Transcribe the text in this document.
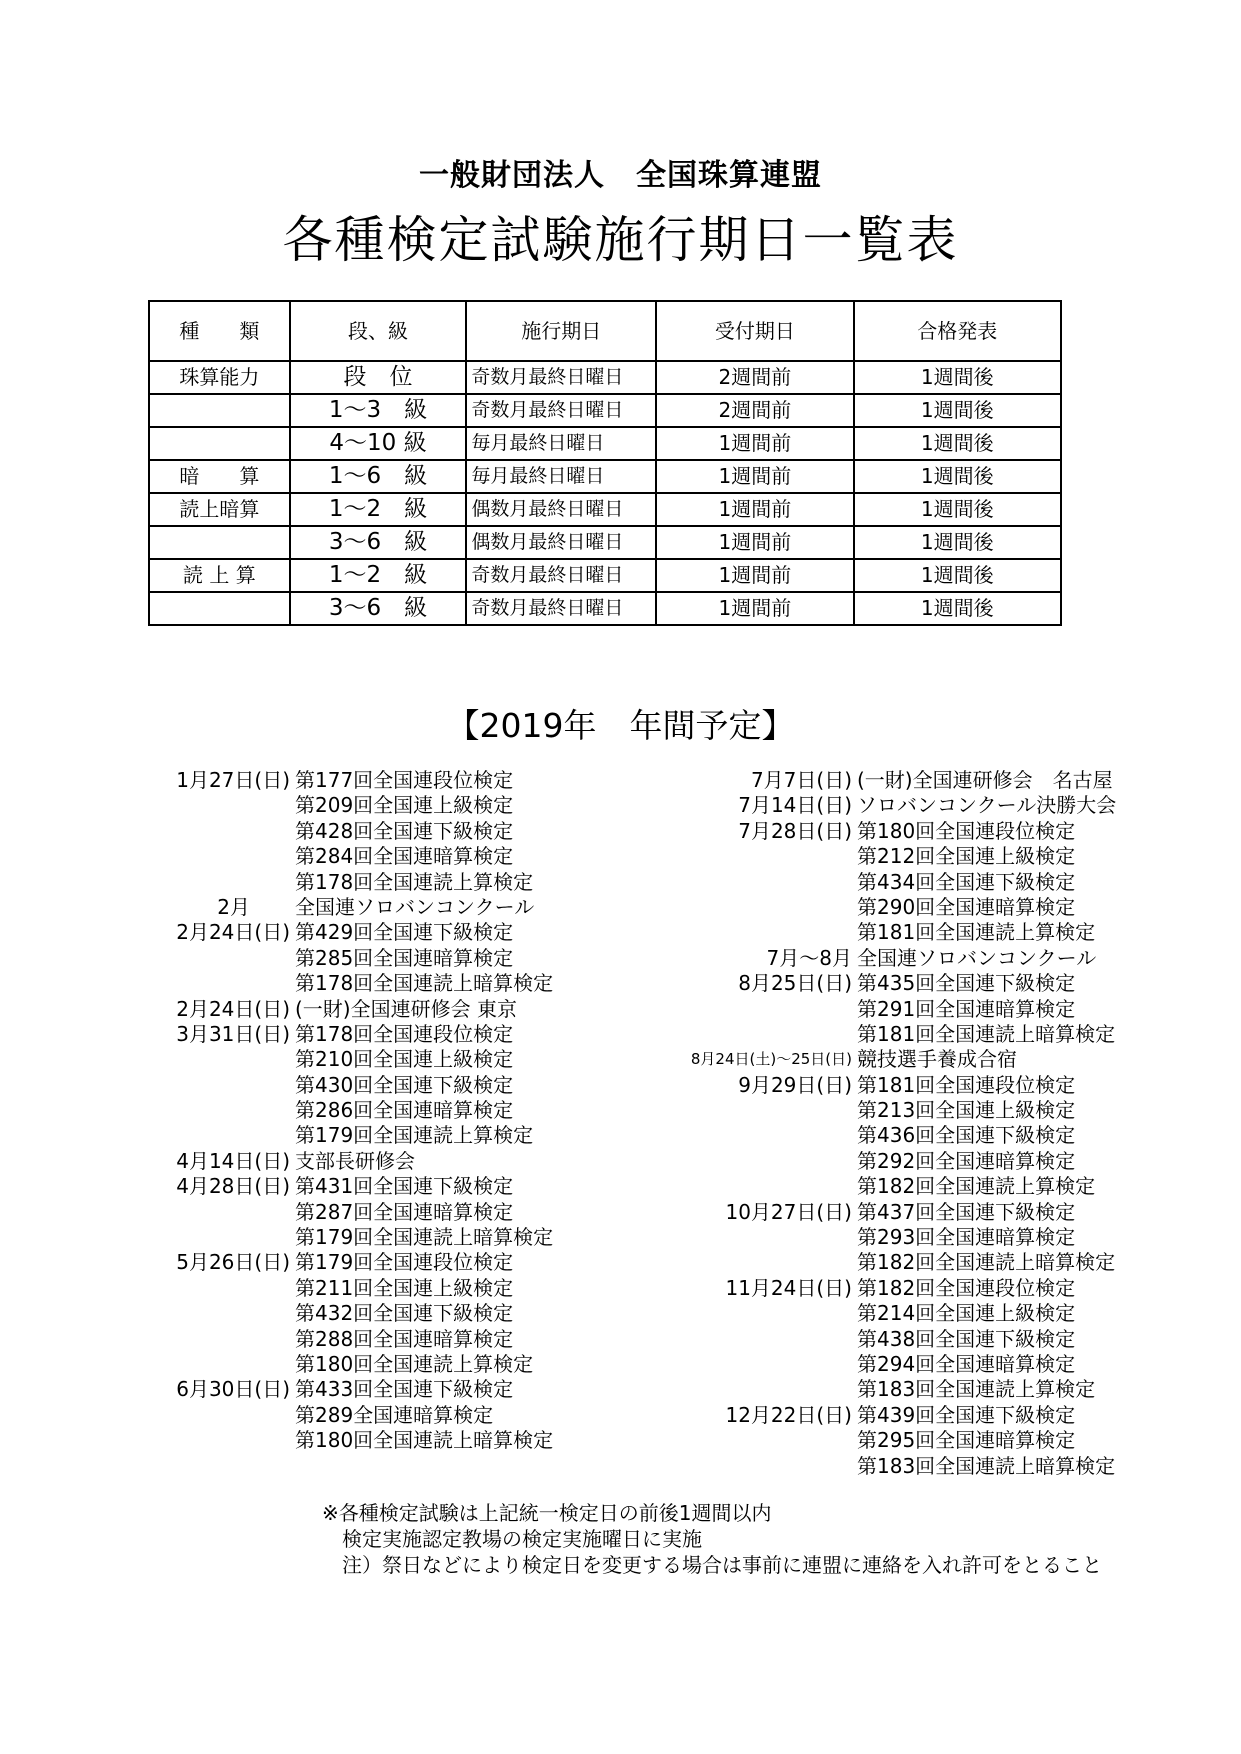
一般財団法人　全国珠算連盟
各種検定試験施行期日一覧表
種　　類	段、級	施行期日	受付期日	合格発表
珠算能力	段　位	奇数月最終日曜日	2週間前	1週間後
	1～3　級	奇数月最終日曜日	2週間前	1週間後
	4～10 級	毎月最終日曜日	1週間前	1週間後
暗　　算	1～6　級	毎月最終日曜日	1週間前	1週間後
読上暗算	1～2　級	偶数月最終日曜日	1週間前	1週間後
	3～6　級	偶数月最終日曜日	1週間前	1週間後
読 上 算	1～2　級	奇数月最終日曜日	1週間前	1週間後
	3～6　級	奇数月最終日曜日	1週間前	1週間後
【2019年　年間予定】
1月27日(日) 第177回全国連段位検定
第209回全国連上級検定
第428回全国連下級検定
第284回全国連暗算検定
第178回全国連読上算検定
2月　　 全国連ソロバンコンクール
2月24日(日) 第429回全国連下級検定
第285回全国連暗算検定
第178回全国連読上暗算検定
2月24日(日) (一財)全国連研修会 東京
3月31日(日) 第178回全国連段位検定
第210回全国連上級検定
第430回全国連下級検定
第286回全国連暗算検定
第179回全国連読上算検定
4月14日(日) 支部長研修会
4月28日(日) 第431回全国連下級検定
第287回全国連暗算検定
第179回全国連読上暗算検定
5月26日(日) 第179回全国連段位検定
第211回全国連上級検定
第432回全国連下級検定
第288回全国連暗算検定
第180回全国連読上算検定
6月30日(日) 第433回全国連下級検定
第289全国連暗算検定
第180回全国連読上暗算検定
7月7日(日) (一財)全国連研修会　名古屋
7月14日(日) ソロバンコンクール決勝大会
7月28日(日) 第180回全国連段位検定
第212回全国連上級検定
第434回全国連下級検定
第290回全国連暗算検定
第181回全国連読上算検定
7月～8月 全国連ソロバンコンクール
8月25日(日) 第435回全国連下級検定
第291回全国連暗算検定
第181回全国連読上暗算検定
8月24日(土)～25日(日) 競技選手養成合宿
9月29日(日) 第181回全国連段位検定
第213回全国連上級検定
第436回全国連下級検定
第292回全国連暗算検定
第182回全国連読上算検定
10月27日(日) 第437回全国連下級検定
第293回全国連暗算検定
第182回全国連読上暗算検定
11月24日(日) 第182回全国連段位検定
第214回全国連上級検定
第438回全国連下級検定
第294回全国連暗算検定
第183回全国連読上算検定
12月22日(日) 第439回全国連下級検定
第295回全国連暗算検定
第183回全国連読上暗算検定
※各種検定試験は上記統一検定日の前後1週間以内
　検定実施認定教場の検定実施曜日に実施
　注）祭日などにより検定日を変更する場合は事前に連盟に連絡を入れ許可をとること
